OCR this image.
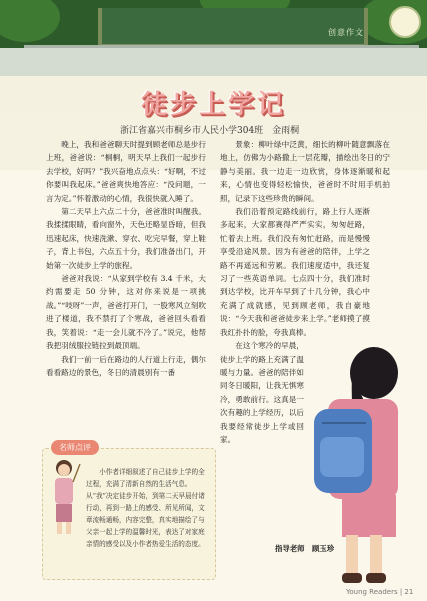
创意作文
徒步上学记
浙江省嘉兴市桐乡市人民小学304班　金雨桐

晚上，我和爸爸聊天时提到顾老师总是步行上班，爸爸说：“桐桐，明天早上我们一起步行去学校，好吗？”我兴奋地点点头：“好啊，不过你要叫我起床。”爸爸爽快地答应：“没问题，一言为定。”怀着激动的心情，我很快就入睡了。

第二天早上六点二十分，爸爸准时叫醒我。我揉揉眼睛，看向窗外，天色还略显昏暗，但我迅速起床，快速洗漱、穿衣、吃完早餐，穿上鞋子，背上书包，六点五十分，我们准备出门，开始第一次徒步上学的旅程。

爸爸对我说：“从家到学校有 3.4 千米，大约需要走 50 分钟，这对你来说是一项挑战。”“吱呀”一声，爸爸打开门，一股寒风立刻吹进了楼道，我不禁打了个寒战，爸爸回头看看我，笑着说：“走一会儿就不冷了。”说完，他帮我把羽绒服拉链拉到最顶端。

我们一前一后在路边的人行道上行走，偶尔看看路边的景色，冬日的清晨别有一番

景象：柳叶绿中泛黄，细长的柳叶随意飘落在地上，仿佛为小路撒上一层花瓣，描绘出冬日的宁静与美丽。我一边走一边欣赏，身体逐渐暖和起来，心情也变得轻松愉快，爸爸时不时用手机拍照，记录下这些珍贵的瞬间。

我们沿着预定路线前行，路上行人逐渐多起来，大家都赛得严严实实，匆匆赶路，忙着去上班。我们没有匆忙赶路，而是慢慢享受沿途风景。因为有爸爸的陪伴，上学之路不再遥远和劳累。我们速度适中，我还复习了一些英语单词。七点四十分，我们准时到达学校，比开车早到了十几分钟，我心中充满了成就感，见到顾老师，我自豪地说：“今天我和爸爸徒步来上学。”老师摸了摸我红扑扑的脸，夸我真棒。

在这个寒冷的早晨，徒步上学的路上充满了温暖与力量。爸爸的陪伴如同冬日暖阳，让我无惧寒冷，勇敢前行。这真是一次有趣的上学经历，以后我要经常徒步上学或回家。

名师点评
小作者详细叙述了自己徒步上学的全过程，充满了清新自然的生活气息。从“我”决定徒步开始，到第二天早晨付诸行动，再到一路上的感受、所见所闻，文章流畅通畅，内容完整，真实地描绘了与父亲一起上学的温馨时光，表达了对家庭亲情的感受以及小作者热爱生活的态度。	指导老师　顾玉珍
Young Readers | 21
